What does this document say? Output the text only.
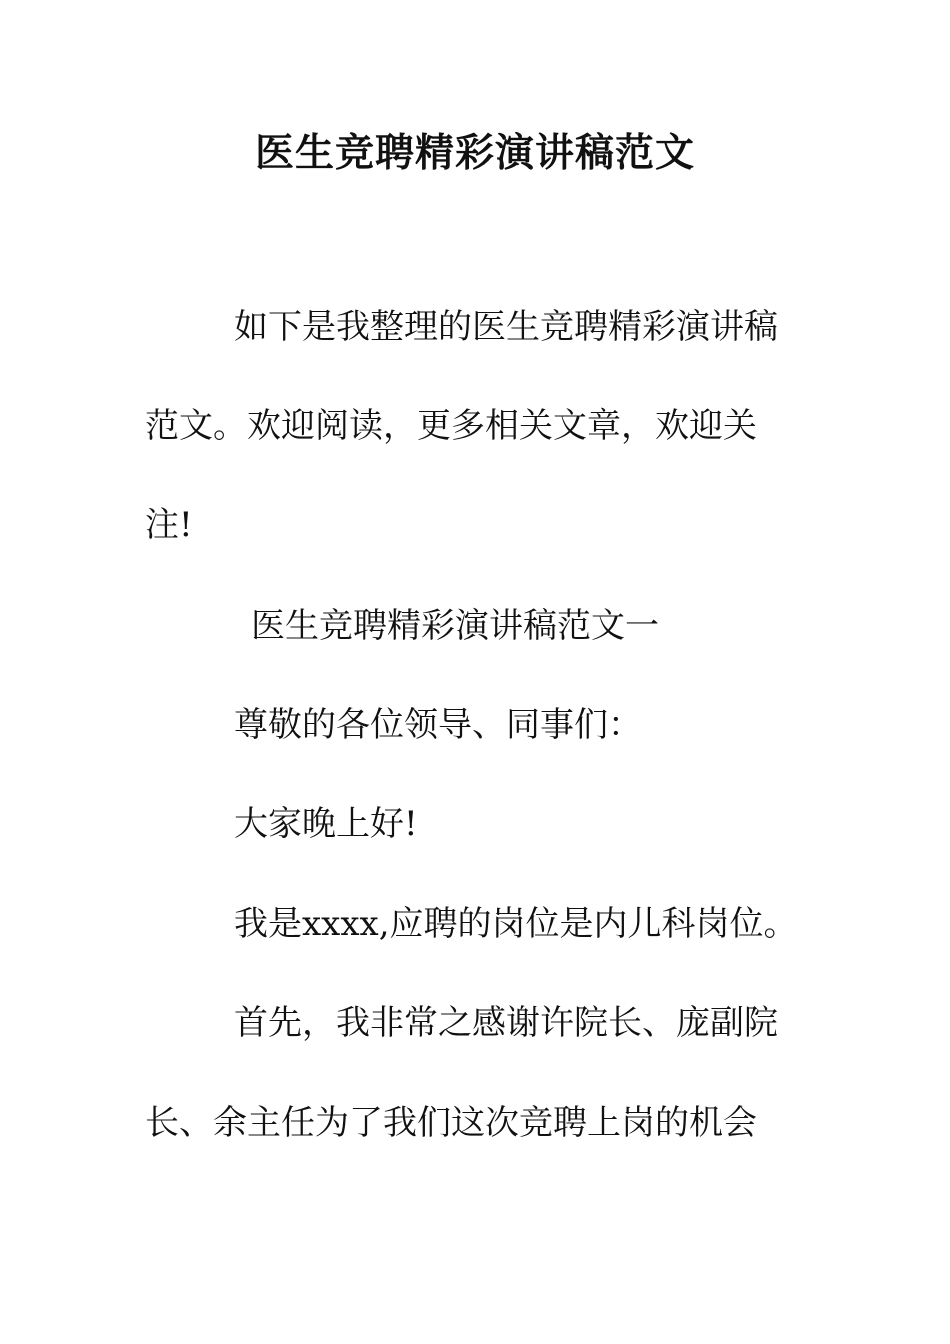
医生竞聘精彩演讲稿范文
如下是我整理的医生竞聘精彩演讲稿
范文。欢迎阅读，更多相关文章，欢迎关
注!
医生竞聘精彩演讲稿范文一
尊敬的各位领导、同事们：
大家晚上好!
我是xxxx,应聘的岗位是内儿科岗位。
首先，我非常之感谢许院长、庞副院
长、余主任为了我们这次竞聘上岗的机会
